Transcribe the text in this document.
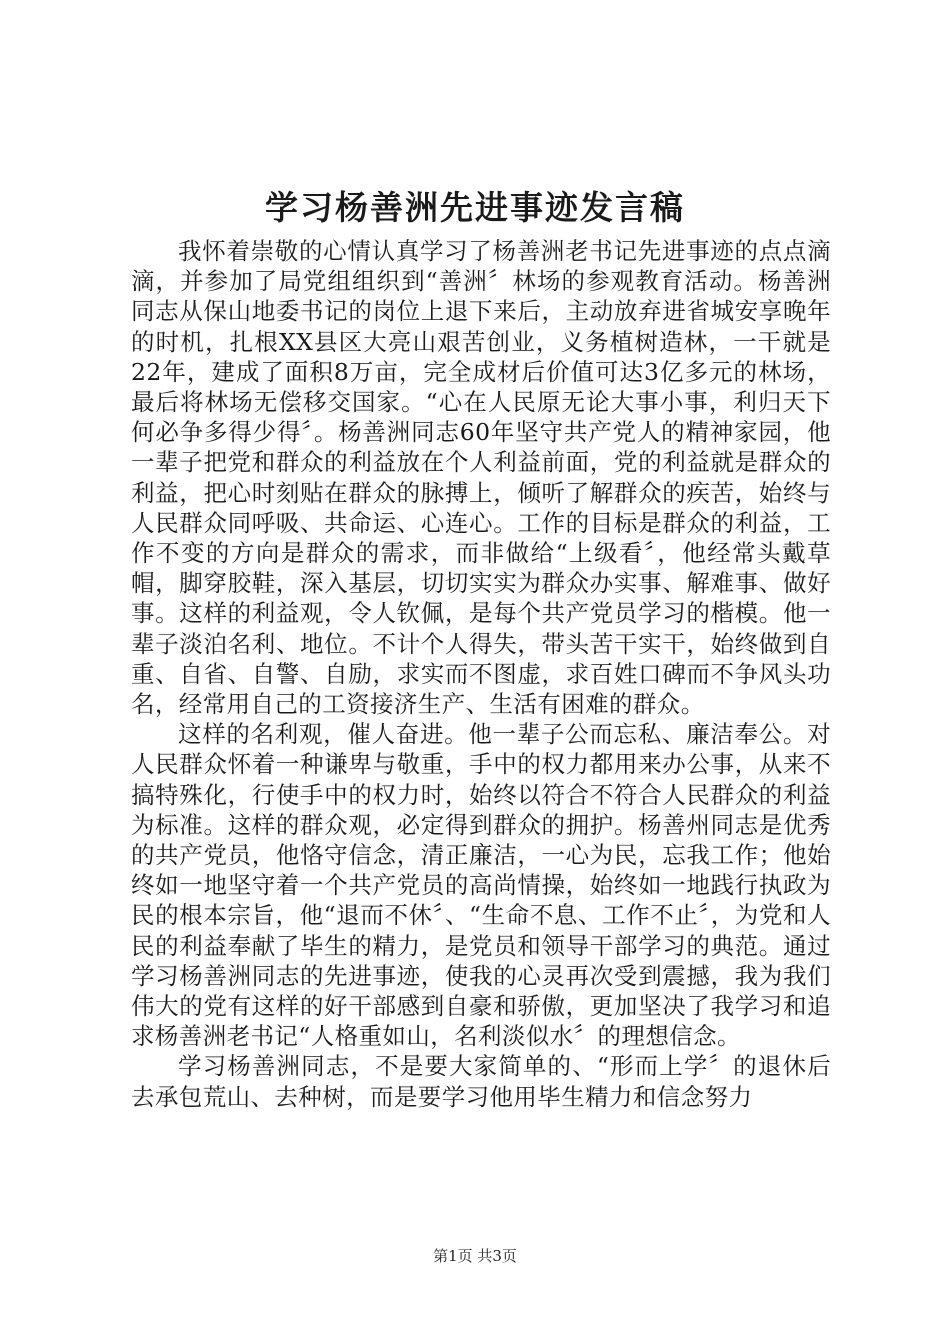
学习杨善洲先进事迹发言稿

我怀着崇敬的心情认真学习了杨善洲老书记先进事迹的点点滴滴，并参加了局党组组织到“善洲〞林场的参观教育活动。杨善洲同志从保山地委书记的岗位上退下来后，主动放弃进省城安享晚年的时机，扎根XX县区大亮山艰苦创业，义务植树造林，一干就是22年，建成了面积8万亩，完全成材后价值可达3亿多元的林场，最后将林场无偿移交国家。“心在人民原无论大事小事，利归天下何必争多得少得〞。杨善洲同志60年坚守共产党人的精神家园，他一辈子把党和群众的利益放在个人利益前面，党的利益就是群众的利益，把心时刻贴在群众的脉搏上，倾听了解群众的疾苦，始终与人民群众同呼吸、共命运、心连心。工作的目标是群众的利益，工作不变的方向是群众的需求，而非做给“上级看〞，他经常头戴草帽，脚穿胶鞋，深入基层，切切实实为群众办实事、解难事、做好事。这样的利益观，令人钦佩，是每个共产党员学习的楷模。他一辈子淡泊名利、地位。不计个人得失，带头苦干实干，始终做到自重、自省、自警、自励，求实而不图虚，求百姓口碑而不争风头功名，经常用自己的工资接济生产、生活有困难的群众。

这样的名利观，催人奋进。他一辈子公而忘私、廉洁奉公。对人民群众怀着一种谦卑与敬重，手中的权力都用来办公事，从来不搞特殊化，行使手中的权力时，始终以符合不符合人民群众的利益为标准。这样的群众观，必定得到群众的拥护。杨善州同志是优秀的共产党员，他恪守信念，清正廉洁，一心为民，忘我工作；他始终如一地坚守着一个共产党员的高尚情操，始终如一地践行执政为民的根本宗旨，他“退而不休〞、“生命不息、工作不止〞，为党和人民的利益奉献了毕生的精力，是党员和领导干部学习的典范。通过学习杨善洲同志的先进事迹，使我的心灵再次受到震撼，我为我们伟大的党有这样的好干部感到自豪和骄傲，更加坚决了我学习和追求杨善洲老书记“人格重如山，名利淡似水〞的理想信念。

学习杨善洲同志，不是要大家简单的、“形而上学〞的退休后去承包荒山、去种树，而是要学习他用毕生精力和信念努力

第1页 共3页
